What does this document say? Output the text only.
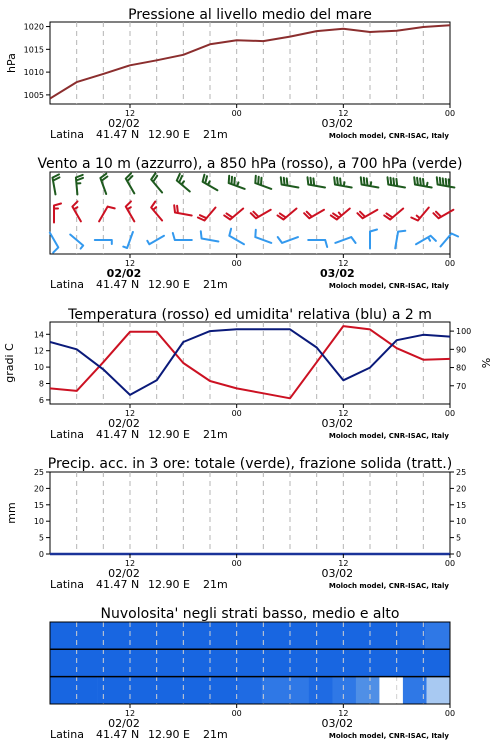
Pressione al livello medio del mare
1005
1010
1015
1020
hPa
12	00	12	00
02/02	03/02
Latina 41.47 N 12.90 E 21m	Moloch model, CNR-ISAC, Italy
Vento a 10 m (azzurro), a 850 hPa (rosso), a 700 hPa (verde)
12	00	12	00
02/02	03/02
Latina 41.47 N 12.90 E 21m	Moloch model, CNR-ISAC, Italy
Temperatura (rosso) ed umidita' relativa (blu) a 2 m
6
8
10
12
14
70
80
90
100
gradi C	%
12	00	12	00
02/02	03/02
Latina 41.47 N 12.90 E 21m	Moloch model, CNR-ISAC, Italy
Precip. acc. in 3 ore: totale (verde), frazione solida (tratt.)
0
5
10
15
20
25
0
5
10
15
20
25
mm
12	00	12	00
02/02	03/02
Latina 41.47 N 12.90 E 21m	Moloch model, CNR-ISAC, Italy
Nuvolosita' negli strati basso, medio e alto
12	00	12	00
02/02	03/02
Latina 41.47 N 12.90 E 21m	Moloch model, CNR-ISAC, Italy
